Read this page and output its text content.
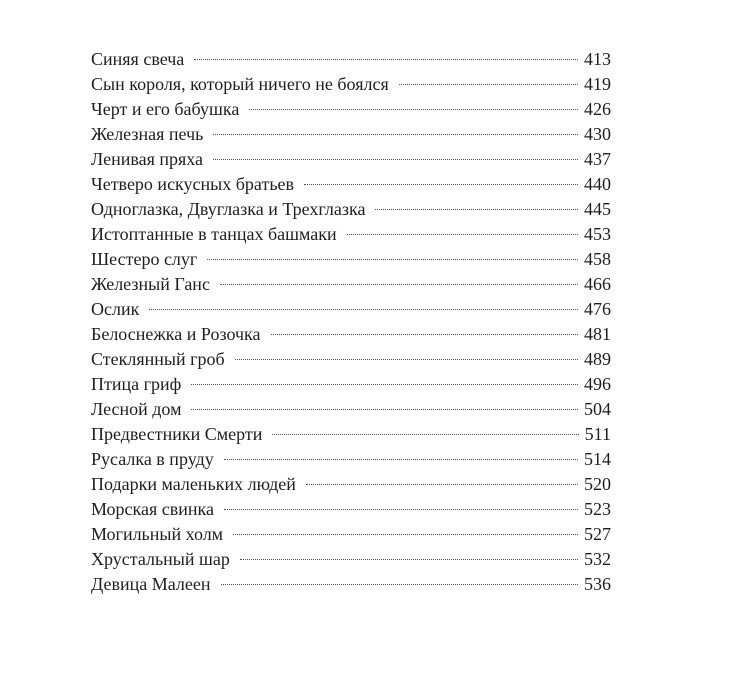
Синяя свеча	413
Сын короля, который ничего не боялся	419
Черт и его бабушка	426
Железная печь	430
Ленивая пряха	437
Четверо искусных братьев	440
Одноглазка, Двуглазка и Трехглазка	445
Истоптанные в танцах башмаки	453
Шестеро слуг	458
Железный Ганс	466
Ослик	476
Белоснежка и Розочка	481
Стеклянный гроб	489
Птица гриф	496
Лесной дом	504
Предвестники Смерти	511
Русалка в пруду	514
Подарки маленьких людей	520
Морская свинка	523
Могильный холм	527
Хрустальный шар	532
Девица Малеен	536
